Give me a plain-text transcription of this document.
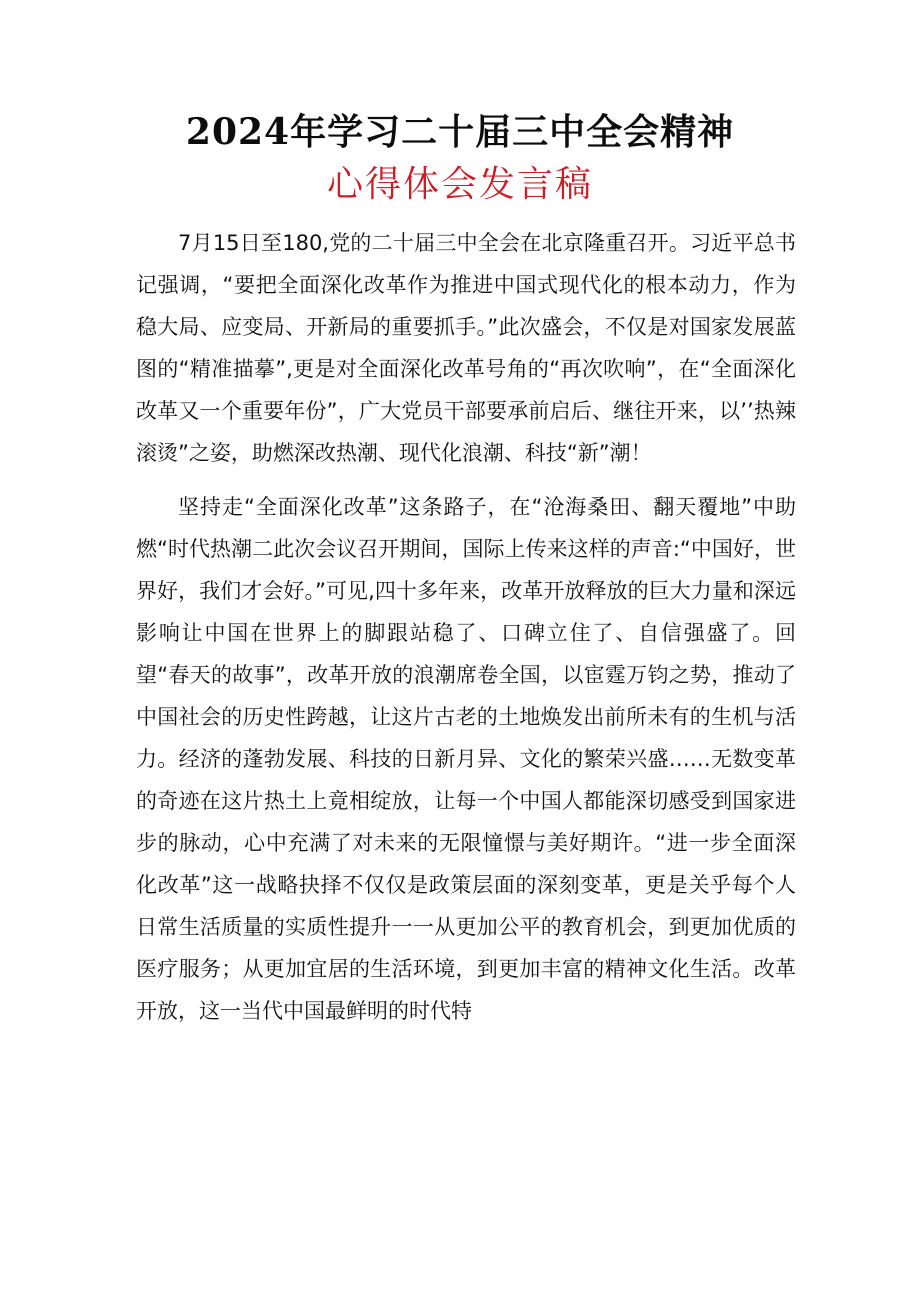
2024年学习二十届三中全会精神
心得体会发言稿

7月15日至180,党的二十届三中全会在北京隆重召开。习近平总书记强调，“要把全面深化改革作为推进中国式现代化的根本动力，作为稳大局、应变局、开新局的重要抓手。”此次盛会，不仅是对国家发展蓝图的“精准描摹”,更是对全面深化改革号角的“再次吹响”，在“全面深化改革又一个重要年份”，广大党员干部要承前启后、继往开来，以’’热辣滚烫”之姿，助燃深改热潮、现代化浪潮、科技“新”潮！

坚持走“全面深化改革”这条路子，在“沧海桑田、翻天覆地”中助燃“时代热潮二此次会议召开期间，国际上传来这样的声音:“中国好，世界好，我们才会好。”可见,四十多年来，改革开放释放的巨大力量和深远影响让中国在世界上的脚跟站稳了、口碑立住了、自信强盛了。回望“春天的故事”，改革开放的浪潮席卷全国，以宦霆万钧之势，推动了中国社会的历史性跨越，让这片古老的土地焕发出前所未有的生机与活力。经济的蓬勃发展、科技的日新月异、文化的繁荣兴盛……无数变革的奇迹在这片热土上竟相绽放，让每一个中国人都能深切感受到国家进步的脉动，心中充满了对未来的无限憧憬与美好期许。“进一步全面深化改革”这一战略抉择不仅仅是政策层面的深刻变革，更是关乎每个人日常生活质量的实质性提升一一从更加公平的教育机会，到更加优质的医疗服务；从更加宜居的生活环境，到更加丰富的精神文化生活。改革开放，这一当代中国最鲜明的时代特
